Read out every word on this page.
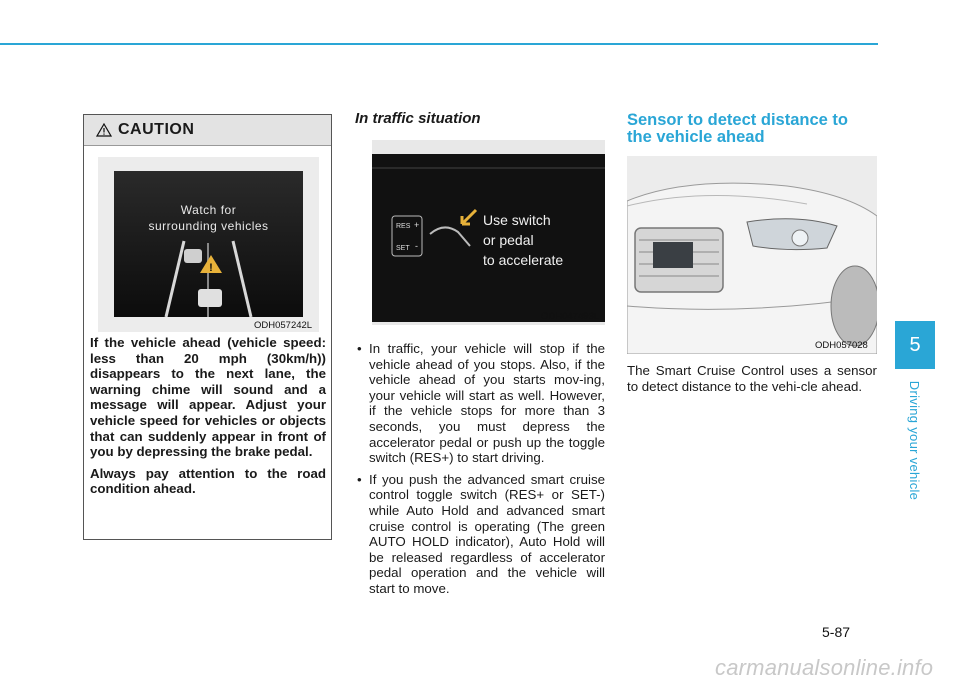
CAUTION
Watch for
surrounding vehicles
!
ODH057242L

If the vehicle ahead (vehicle speed: less than 20 mph (30km/h)) disappears to the next lane, the warning chime will sound and a message will appear. Adjust your vehicle speed for vehicles or objects that can suddenly appear in front of you by depressing the brake pedal.

Always pay attention to the road condition ahead.

In traffic situation
RES +
SET -
Use switch
or pedal
to accelerate
ODH047493L
• In traffic, your vehicle will stop if the vehicle ahead of you stops. Also, if the vehicle ahead of you starts mov-ing, your vehicle will start as well. However, if the vehicle stops for more than 3 seconds, you must depress the accelerator pedal or push up the toggle switch (RES+) to start driving.
• If you push the advanced smart cruise control toggle switch (RES+ or SET-) while Auto Hold and advanced smart cruise control is operating (The green AUTO HOLD indicator), Auto Hold will be released regardless of accelerator pedal operation and the vehicle will start to move.
Sensor to detect distance to the vehicle ahead
ODH057028
The Smart Cruise Control uses a sensor to detect distance to the vehi-cle ahead.
5
Driving your vehicle
5-87
carmanualsonline.info
